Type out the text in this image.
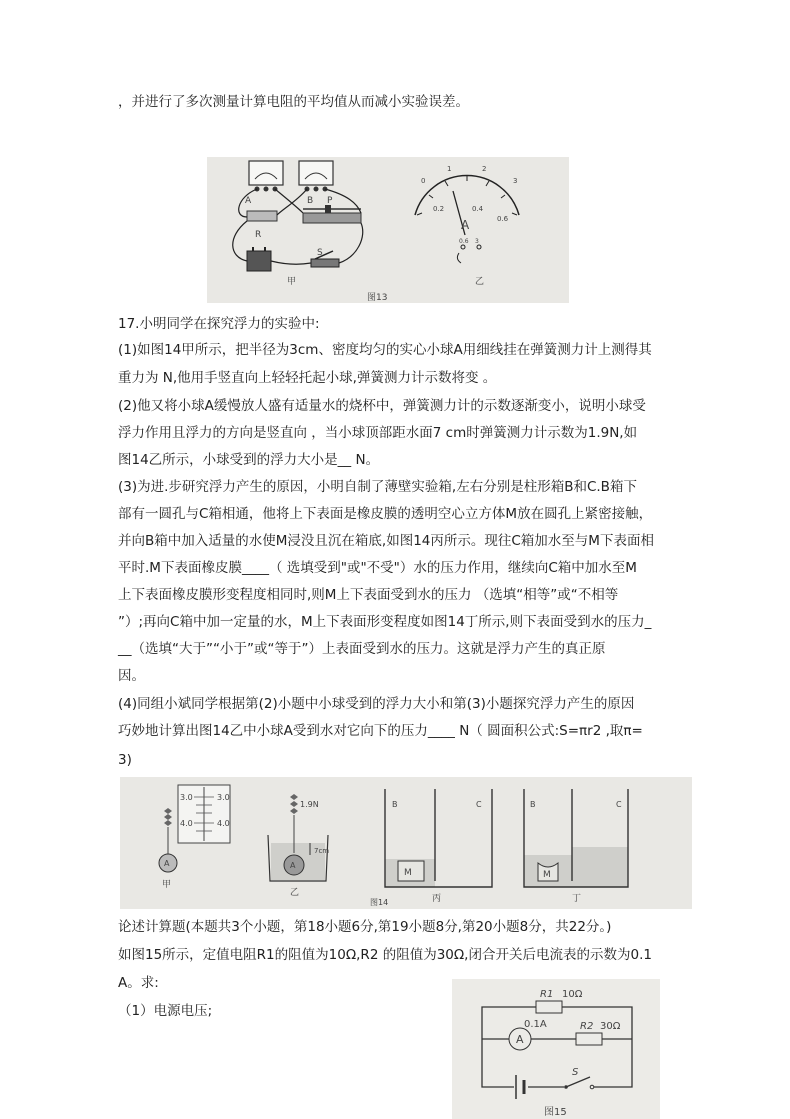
，并进行了多次测量计算电阻的平均值从而减小实验误差。
A	B P
R
S
0
1	2
3
0.2	0.4
0.6
A
0.6 3
甲	乙
图13
17.小明同学在探究浮力的实验中:
(1)如图14甲所示，把半径为3cm、密度均匀的实心小球A用细线挂在弹簧测力计上测得其
重力为 N,他用手竖直向上轻轻托起小球,弹簧测力计示数将变 。
(2)他又将小球A缓慢放人盛有适量水的烧杯中，弹簧测力计的示数逐渐变小，说明小球受
浮力作用且浮力的方向是竖直向 ，当小球顶部距水面7 cm时弹簧测力计示数为1.9N,如
图14乙所示，小球受到的浮力大小是__ N。
(3)为进.步研究浮力产生的原因，小明自制了薄壁实验箱,左右分别是柱形箱B和C.B箱下
部有一圆孔与C箱相通，他将上下表面是橡皮膜的透明空心立方体M放在圆孔上紧密接触，
并向B箱中加入适量的水使M浸没且沉在箱底,如图14丙所示。现往C箱加水至与M下表面相
平时.M下表面橡皮膜____（ 选填受到"或"不受"）水的压力作用，继续向C箱中加水至M
上下表面橡皮膜形变程度相同时,则M上下表面受到水的压力 （选填“相等”或“不相等
”）;再向C箱中加一定量的水，M上下表面形变程度如图14丁所示,则下表面受到水的压力_
__（选填“大于”“小于”或“等于”）上表面受到水的压力。这就是浮力产生的真正原
因。
(4)同组小斌同学根据第(2)小题中小球受到的浮力大小和第(3)小题探究浮力产生的原因
巧妙地计算出图14乙中小球A受到水对它向下的压力____ N（ 圆面积公式:S=πr2 ,取π=
3)
3.0	3.0
4.0	4.0
A
甲
A
1.9N
7cm
乙
M
B	C
丙
M
B	C
丁
图14
论述计算题(本题共3个小题，第18小题6分,第19小题8分,第20小题8分，共22分。)
如图15所示，定值电阻R1的阻值为10Ω,R2 的阻值为30Ω,闭合开关后电流表的示数为0.1
A。求:
（1）电源电压;
R1 10Ω
A
0.1A	R2 30Ω
S
图15
